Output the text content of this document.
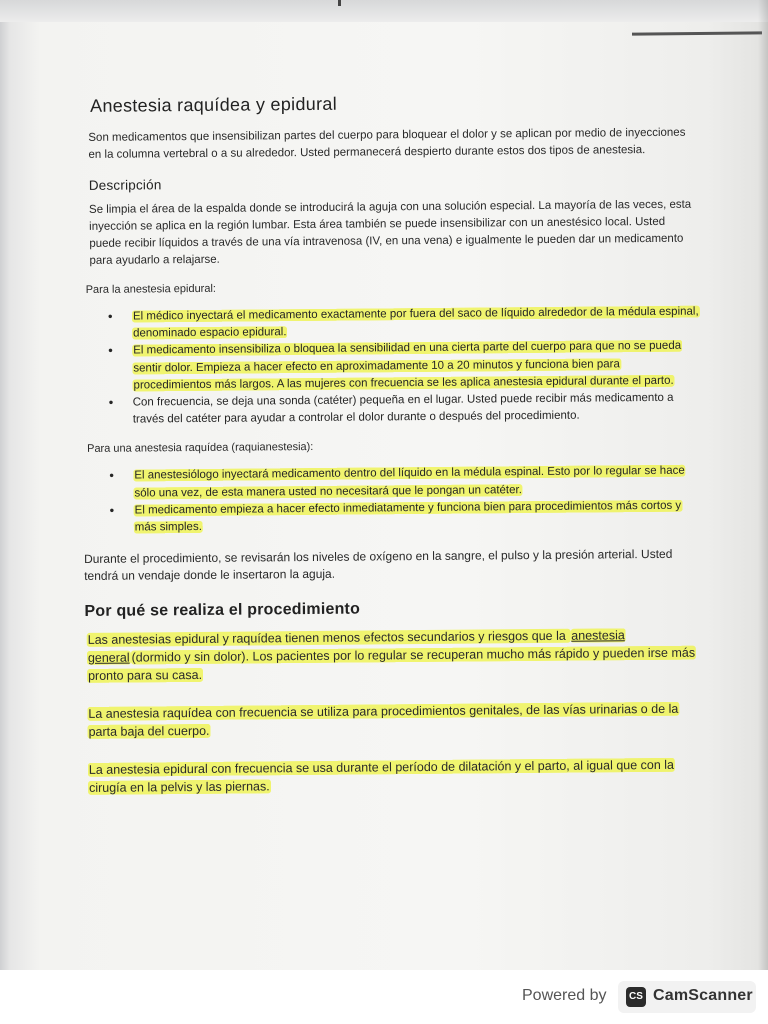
Anestesia raquídea y epidural

Son medicamentos que insensibilizan partes del cuerpo para bloquear el dolor y se aplican por medio de inyecciones en la columna vertebral o a su alrededor. Usted permanecerá despierto durante estos dos tipos de anestesia.

Descripción

Se limpia el área de la espalda donde se introducirá la aguja con una solución especial. La mayoría de las veces, esta inyección se aplica en la región lumbar. Esta área también se puede insensibilizar con un anestésico local. Usted puede recibir líquidos a través de una vía intravenosa (IV, en una vena) e igualmente le pueden dar un medicamento para ayudarlo a relajarse.

Para la anestesia epidural:

• El médico inyectará el medicamento exactamente por fuera del saco de líquido alrededor de la médula espinal, denominado espacio epidural.
• El medicamento insensibiliza o bloquea la sensibilidad en una cierta parte del cuerpo para que no se pueda sentir dolor. Empieza a hacer efecto en aproximadamente 10 a 20 minutos y funciona bien para procedimientos más largos. A las mujeres con frecuencia se les aplica anestesia epidural durante el parto.
• Con frecuencia, se deja una sonda (catéter) pequeña en el lugar. Usted puede recibir más medicamento a través del catéter para ayudar a controlar el dolor durante o después del procedimiento.

Para una anestesia raquídea (raquianestesia):

• El anestesiólogo inyectará medicamento dentro del líquido en la médula espinal. Esto por lo regular se hace sólo una vez, de esta manera usted no necesitará que le pongan un catéter.
• El medicamento empieza a hacer efecto inmediatamente y funciona bien para procedimientos más cortos y más simples.

Durante el procedimiento, se revisarán los niveles de oxígeno en la sangre, el pulso y la presión arterial. Usted tendrá un vendaje donde le insertaron la aguja.

Por qué se realiza el procedimiento

Las anestesias epidural y raquídea tienen menos efectos secundarios y riesgos que la anestesia general (dormido y sin dolor). Los pacientes por lo regular se recuperan mucho más rápido y pueden irse más pronto para su casa.

La anestesia raquídea con frecuencia se utiliza para procedimientos genitales, de las vías urinarias o de la parta baja del cuerpo.

La anestesia epidural con frecuencia se usa durante el período de dilatación y el parto, al igual que con la cirugía en la pelvis y las piernas.

Powered by	CS CamScanner
